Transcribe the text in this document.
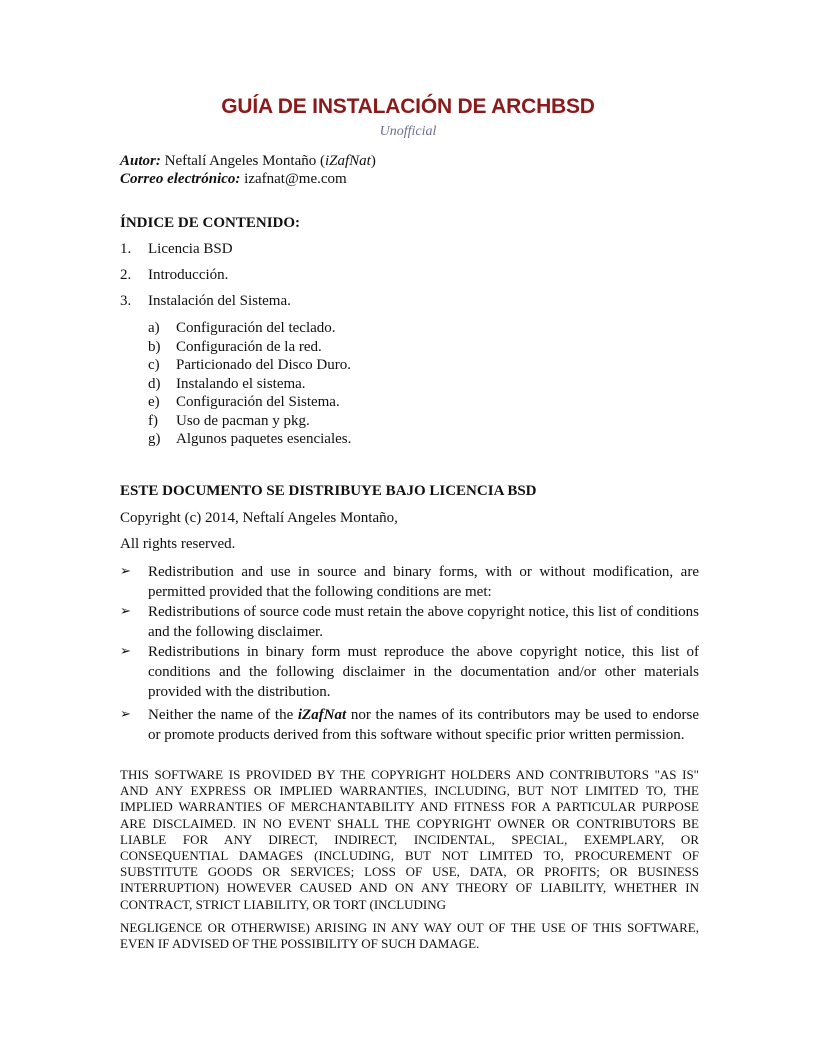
GUÍA DE INSTALACIÓN DE ARCHBSD
Unofficial
Autor: Neftalí Angeles Montaño (iZafNat)
Correo electrónico: izafnat@me.com
ÍNDICE DE CONTENIDO:
1. Licencia BSD
2. Introducción.
3. Instalación del Sistema.
a) Configuración del teclado.
b) Configuración de la red.
c) Particionado del Disco Duro.
d) Instalando el sistema.
e) Configuración del Sistema.
f) Uso de pacman y pkg.
g) Algunos paquetes esenciales.
ESTE DOCUMENTO SE DISTRIBUYE BAJO LICENCIA BSD
Copyright (c) 2014, Neftalí Angeles Montaño,
All rights reserved.
➢ Redistribution and use in source and binary forms, with or without modification, are permitted provided that the following conditions are met:
➢ Redistributions of source code must retain the above copyright notice, this list of conditions and the following disclaimer.
➢ Redistributions in binary form must reproduce the above copyright notice, this list of conditions and the following disclaimer in the documentation and/or other materials provided with the distribution.
➢ Neither the name of the iZafNat nor the names of its contributors may be used to endorse or promote products derived from this software without specific prior written permission.
THIS SOFTWARE IS PROVIDED BY THE COPYRIGHT HOLDERS AND CONTRIBUTORS "AS IS" AND ANY EXPRESS OR IMPLIED WARRANTIES, INCLUDING, BUT NOT LIMITED TO, THE IMPLIED WARRANTIES OF MERCHANTABILITY AND FITNESS FOR A PARTICULAR PURPOSE ARE DISCLAIMED. IN NO EVENT SHALL THE COPYRIGHT OWNER OR CONTRIBUTORS BE LIABLE FOR ANY DIRECT, INDIRECT, INCIDENTAL, SPECIAL, EXEMPLARY, OR CONSEQUENTIAL DAMAGES (INCLUDING, BUT NOT LIMITED TO, PROCUREMENT OF SUBSTITUTE GOODS OR SERVICES; LOSS OF USE, DATA, OR PROFITS; OR BUSINESS INTERRUPTION) HOWEVER CAUSED AND ON ANY THEORY OF LIABILITY, WHETHER IN CONTRACT, STRICT LIABILITY, OR TORT (INCLUDING
NEGLIGENCE OR OTHERWISE) ARISING IN ANY WAY OUT OF THE USE OF THIS SOFTWARE, EVEN IF ADVISED OF THE POSSIBILITY OF SUCH DAMAGE.
